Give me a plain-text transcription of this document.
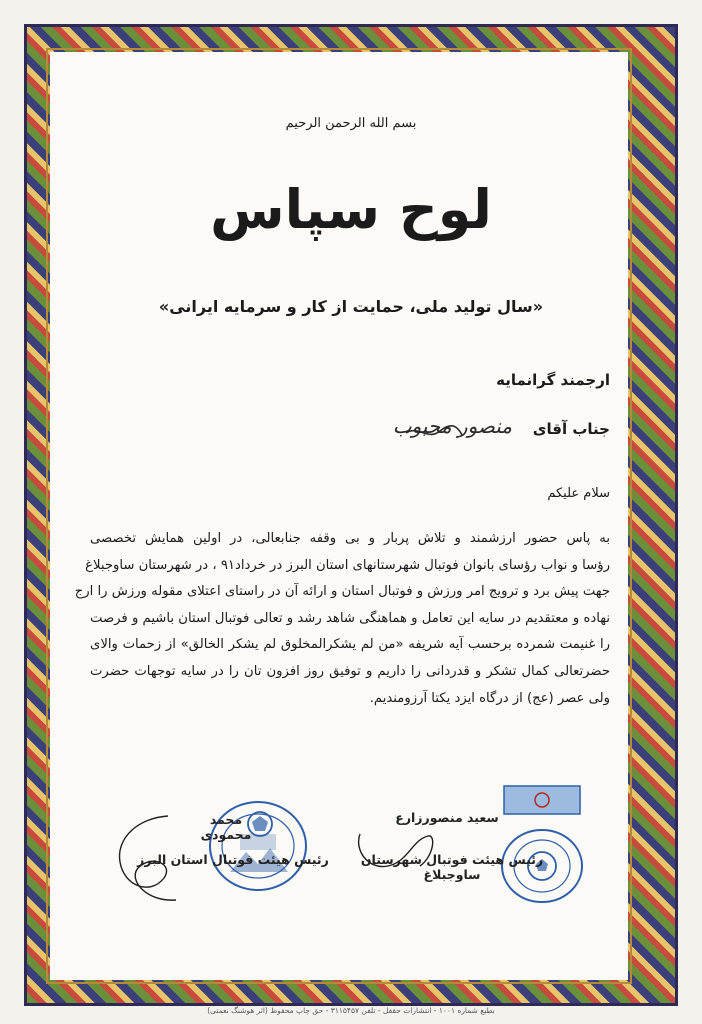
بسم الله الرحمن الرحيم
لوح سپاس
«سال تولید ملی، حمایت از کار و سرمایه ایرانی»
ارجمند گرانمایه
جناب آقای
منصور محبوب
سلام علیکم
به پاس حضور ارزشمند و تلاش پربار و بی وقفه جنابعالی، در اولین همایش تخصصی
رؤسا و نواب رؤسای بانوان فوتبال شهرستانهای استان البرز در خرداد۹۱ ، در شهرستان ساوجبلاغ
جهت پیش برد و ترویج امر ورزش و فوتبال استان و ارائه آن در راستای اعتلای مقوله ورزش را ارج
نهاده و معتقدیم در سایه این تعامل و هماهنگی شاهد رشد و تعالی فوتبال استان باشیم و فرصت
را غنیمت شمرده برحسب آیه شریفه «من لم یشکرالمخلوق لم یشکر الخالق» از زحمات والای
حضرتعالی کمال تشکر و قدردانی را داریم و توفیق روز افزون تان را در سایه توجهات حضرت
ولی عصر (عج) از درگاه ایزد یکتا آرزومندیم.
محمد محمودی
رئیس هیئت فوتبال استان البرز
سعید منصورزارع
رئیس هیئت فوتبال شهرستان ساوجبلاغ
بطبع شماره ۱۰۰۱ - انتشارات حقفل - تلفن ۳۱۱۵۴۵۷ - حق چاپ محفوظ (اثر هوشنگ نعمتی)
